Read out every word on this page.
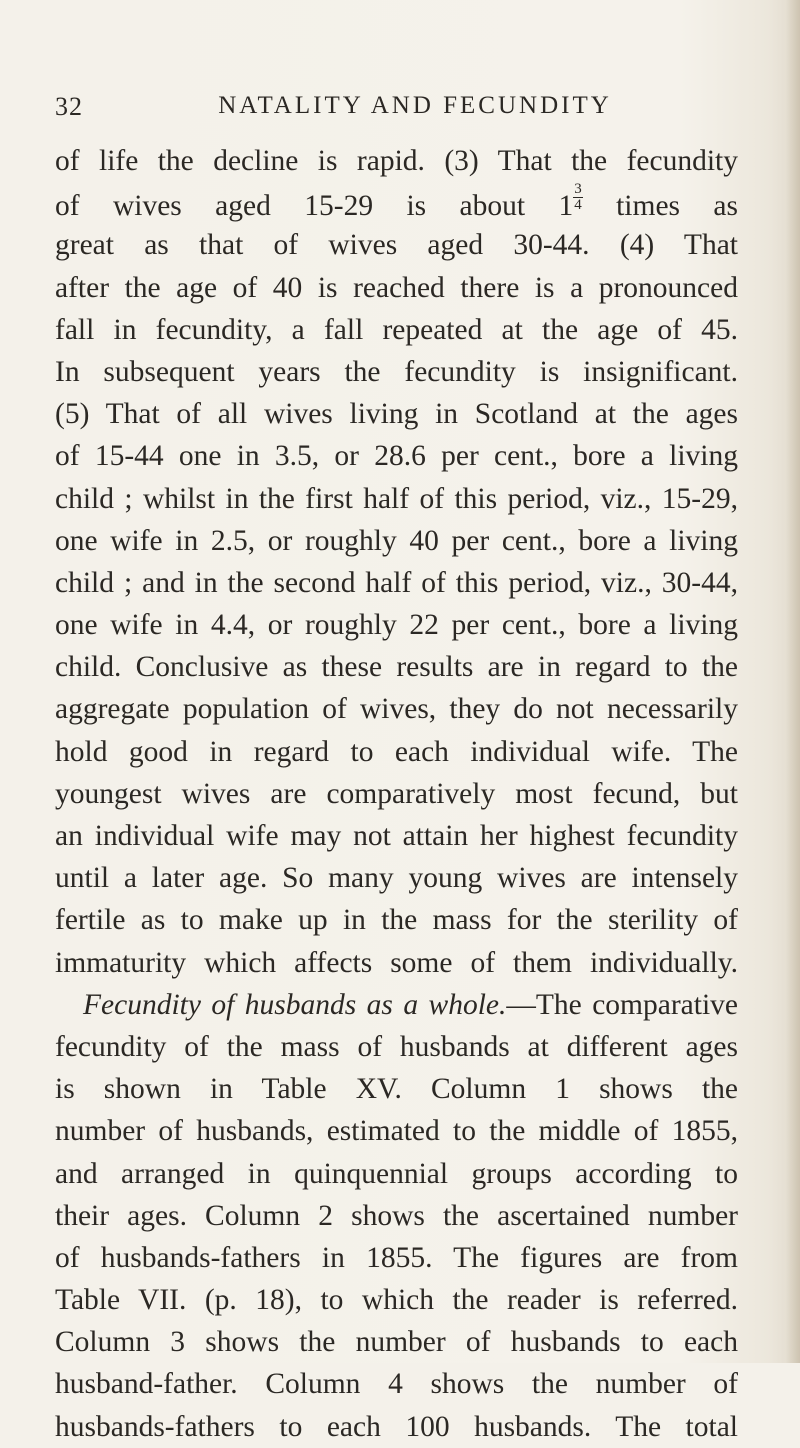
32	NATALITY AND FECUNDITY
of life the decline is rapid. (3) That the fecundity
of wives aged 15-29 is about $1 \frac{3}{4}$ times as
great as that of wives aged 30-44. (4) That
after the age of 40 is reached there is a pronounced
fall in fecundity, a fall repeated at the age of 45.
In subsequent years the fecundity is insignificant.
(5) That of all wives living in Scotland at the ages
of 15-44 one in 3.5, or 28.6 per cent., bore a living
child ; whilst in the first half of this period, viz., 15-29,
one wife in 2.5, or roughly 40 per cent., bore a living
child ; and in the second half of this period, viz., 30-44,
one wife in 4.4, or roughly 22 per cent., bore a living
child. Conclusive as these results are in regard to the
aggregate population of wives, they do not necessarily
hold good in regard to each individual wife. The
youngest wives are comparatively most fecund, but
an individual wife may not attain her highest fecundity
until a later age. So many young wives are intensely
fertile as to make up in the mass for the sterility of
immaturity which affects some of them individually.
Fecundity of husbands as a whole.—The comparative
fecundity of the mass of husbands at different ages
is shown in Table XV. Column 1 shows the
number of husbands, estimated to the middle of 1855,
and arranged in quinquennial groups according to
their ages. Column 2 shows the ascertained number
of husbands-fathers in 1855. The figures are from
Table VII. (p. 18), to which the reader is referred.
Column 3 shows the number of husbands to each
husband-father. Column 4 shows the number of
husbands-fathers to each 100 husbands. The total
